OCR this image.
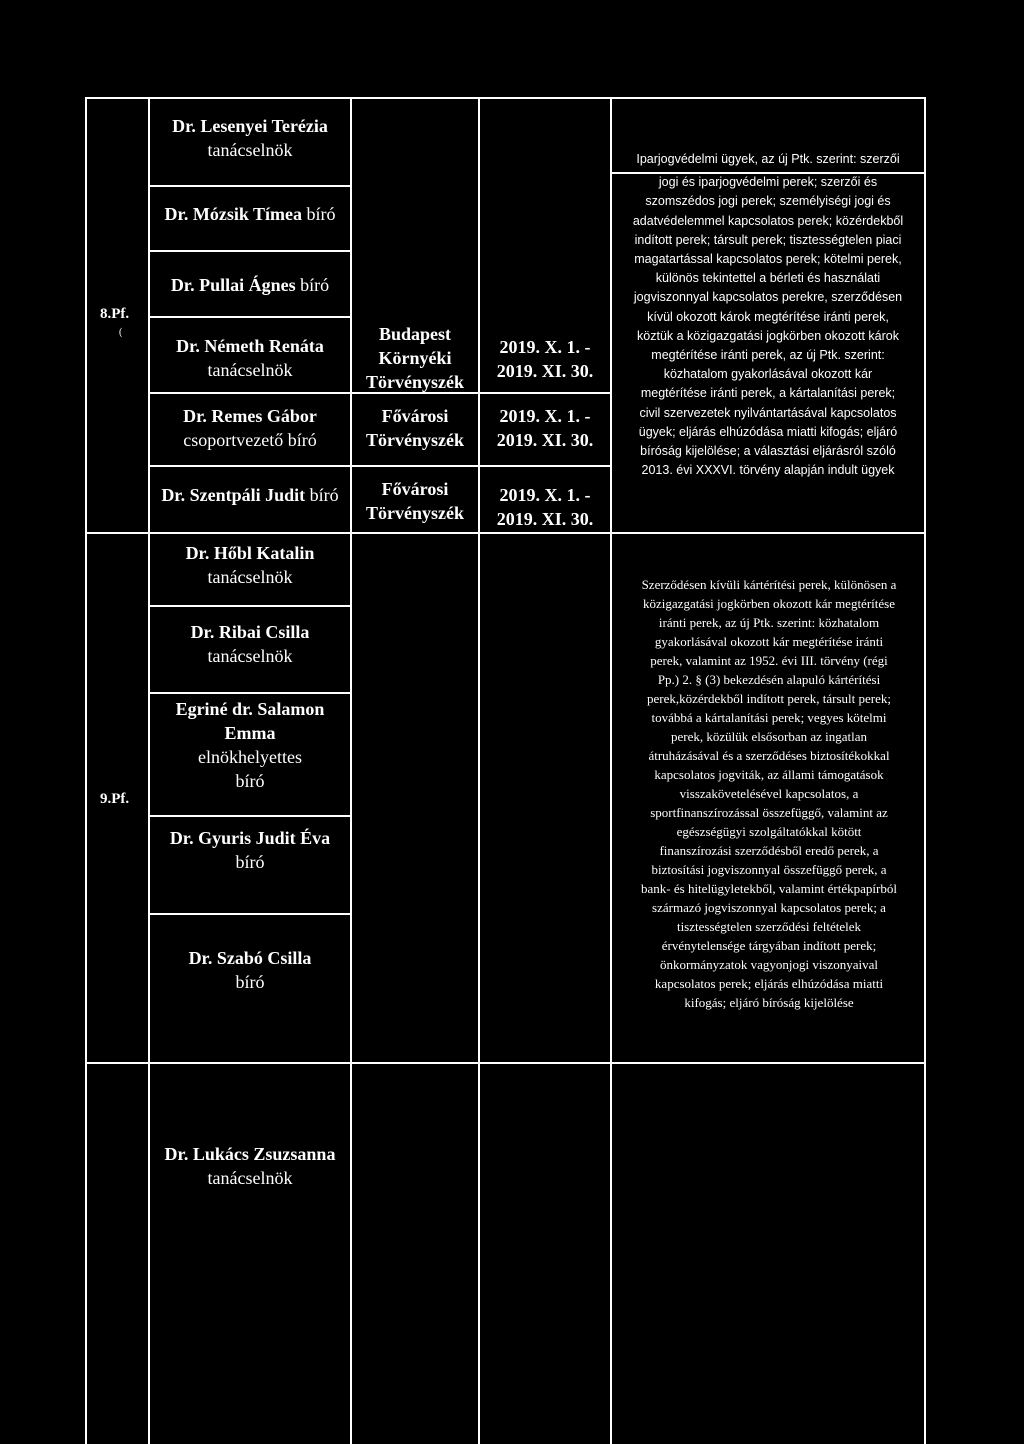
8.Pf.
(
Dr. Lesenyei Terézia
tanácselnök
Dr. Mózsik Tímea bíró
Dr. Pullai Ágnes bíró
Dr. Németh Renáta
tanácselnök
Dr. Remes Gábor
csoportvezető bíró
Dr. Szentpáli Judit bíró
Budapest
Környéki
Törvényszék
Fővárosi
Törvényszék
Fővárosi
Törvényszék
2019. X. 1. -
2019. XI. 30.
2019. X. 1. -
2019. XI. 30.
2019. X. 1. -
2019. XI. 30.
Iparjogvédelmi ügyek, az új Ptk. szerint: szerzői
jogi és iparjogvédelmi perek; szerzői és
szomszédos jogi perek; személyiségi jogi és
adatvédelemmel kapcsolatos perek; közérdekből
indított perek; társult perek; tisztességtelen piaci
magatartással kapcsolatos perek; kötelmi perek,
különös tekintettel a bérleti és használati
jogviszonnyal kapcsolatos perekre, szerződésen
kívül okozott károk megtérítése iránti perek,
köztük a közigazgatási jogkörben okozott károk
megtérítése iránti perek, az új Ptk. szerint:
közhatalom gyakorlásával okozott kár
megtérítése iránti perek, a kártalanítási perek;
civil szervezetek nyilvántartásával kapcsolatos
ügyek; eljárás elhúzódása miatti kifogás; eljáró
bíróság kijelölése; a választási eljárásról szóló
2013. évi XXXVI. törvény alapján indult ügyek
9.Pf.
Dr. Hőbl Katalin
tanácselnök
Dr. Ribai Csilla
tanácselnök
Egriné dr. Salamon
Emma
elnökhelyettes
bíró
Dr. Gyuris Judit Éva
bíró
Dr. Szabó Csilla
bíró
Szerződésen kívüli kártérítési perek, különösen a
közigazgatási jogkörben okozott kár megtérítése
iránti perek, az új Ptk. szerint: közhatalom
gyakorlásával okozott kár megtérítése iránti
perek, valamint az 1952. évi III. törvény (régi
Pp.) 2. § (3) bekezdésén alapuló kártérítési
perek,közérdekből indított perek, társult perek;
továbbá a kártalanítási perek; vegyes kötelmi
perek, közülük elsősorban az ingatlan
átruházásával és a szerződéses biztosítékokkal
kapcsolatos jogviták, az állami támogatások
visszakövetelésével kapcsolatos, a
sportfinanszírozással összefüggő, valamint az
egészségügyi szolgáltatókkal kötött
finanszírozási szerződésből eredő perek, a
biztosítási jogviszonnyal összefüggő perek, a
bank- és hitelügyletekből, valamint értékpapírból
származó jogviszonnyal kapcsolatos perek; a
tisztességtelen szerződési feltételek
érvénytelensége tárgyában indított perek;
önkormányzatok vagyonjogi viszonyaival
kapcsolatos perek; eljárás elhúzódása miatti
kifogás; eljáró bíróság kijelölése
Dr. Lukács Zsuzsanna
tanácselnök
